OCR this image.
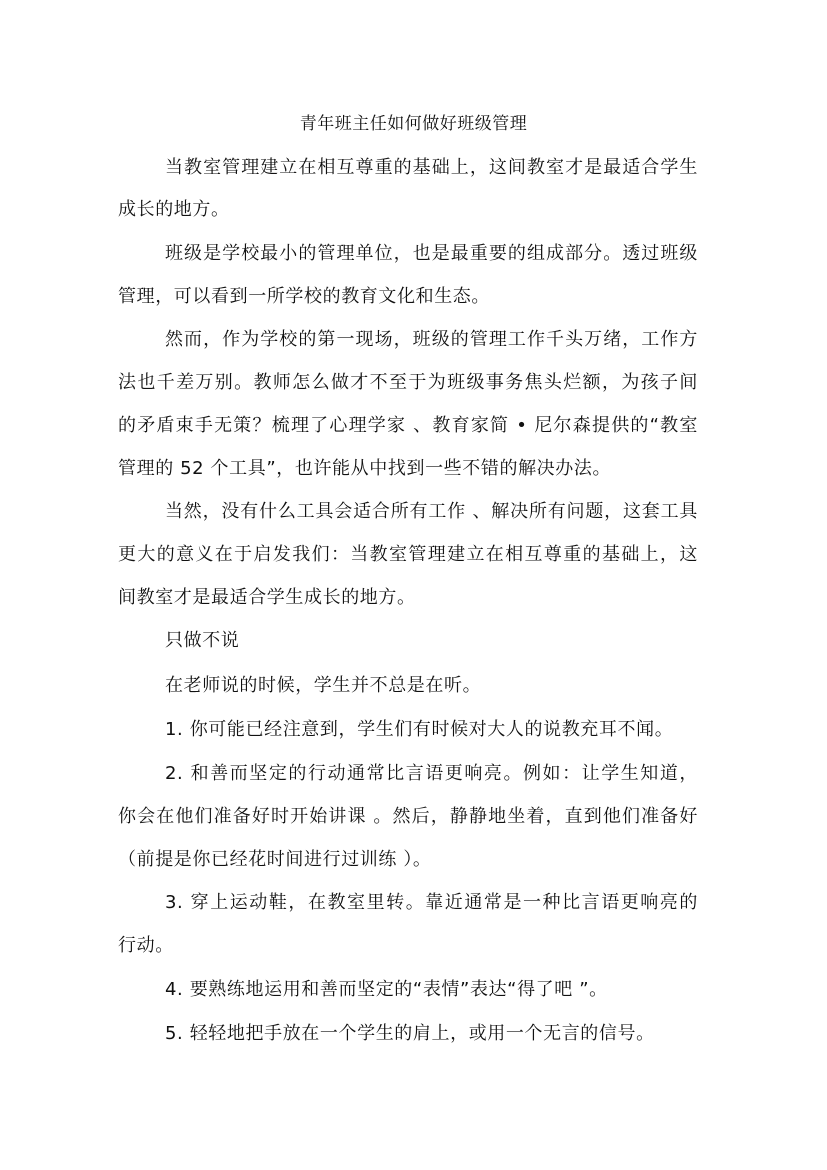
青年班主任如何做好班级管理
当教室管理建立在相互尊重的基础上，这间教室才是最适合学生
成长的地方。
班级是学校最小的管理单位，也是最重要的组成部分。透过班级
管理，可以看到一所学校的教育文化和生态。
然而，作为学校的第一现场，班级的管理工作千头万绪，工作方
法也千差万别。教师怎么做才不至于为班级事务焦头烂额，为孩子间
的矛盾束手无策？梳理了心理学家 、教育家简 • 尼尔森提供的“教室
管理的 52 个工具”，也许能从中找到一些不错的解决办法。
当然，没有什么工具会适合所有工作 、解决所有问题，这套工具
更大的意义在于启发我们：当教室管理建立在相互尊重的基础上，这
间教室才是最适合学生成长的地方。
只做不说
在老师说的时候，学生并不总是在听。
1. 你可能已经注意到，学生们有时候对大人的说教充耳不闻。
2. 和善而坚定的行动通常比言语更响亮。例如：让学生知道，
你会在他们准备好时开始讲课 。然后，静静地坐着，直到他们准备好
（前提是你已经花时间进行过训练 ）。
3. 穿上运动鞋，在教室里转。靠近通常是一种比言语更响亮的
行动。
4. 要熟练地运用和善而坚定的“表情”表达“得了吧 ”。
5. 轻轻地把手放在一个学生的肩上，或用一个无言的信号。
